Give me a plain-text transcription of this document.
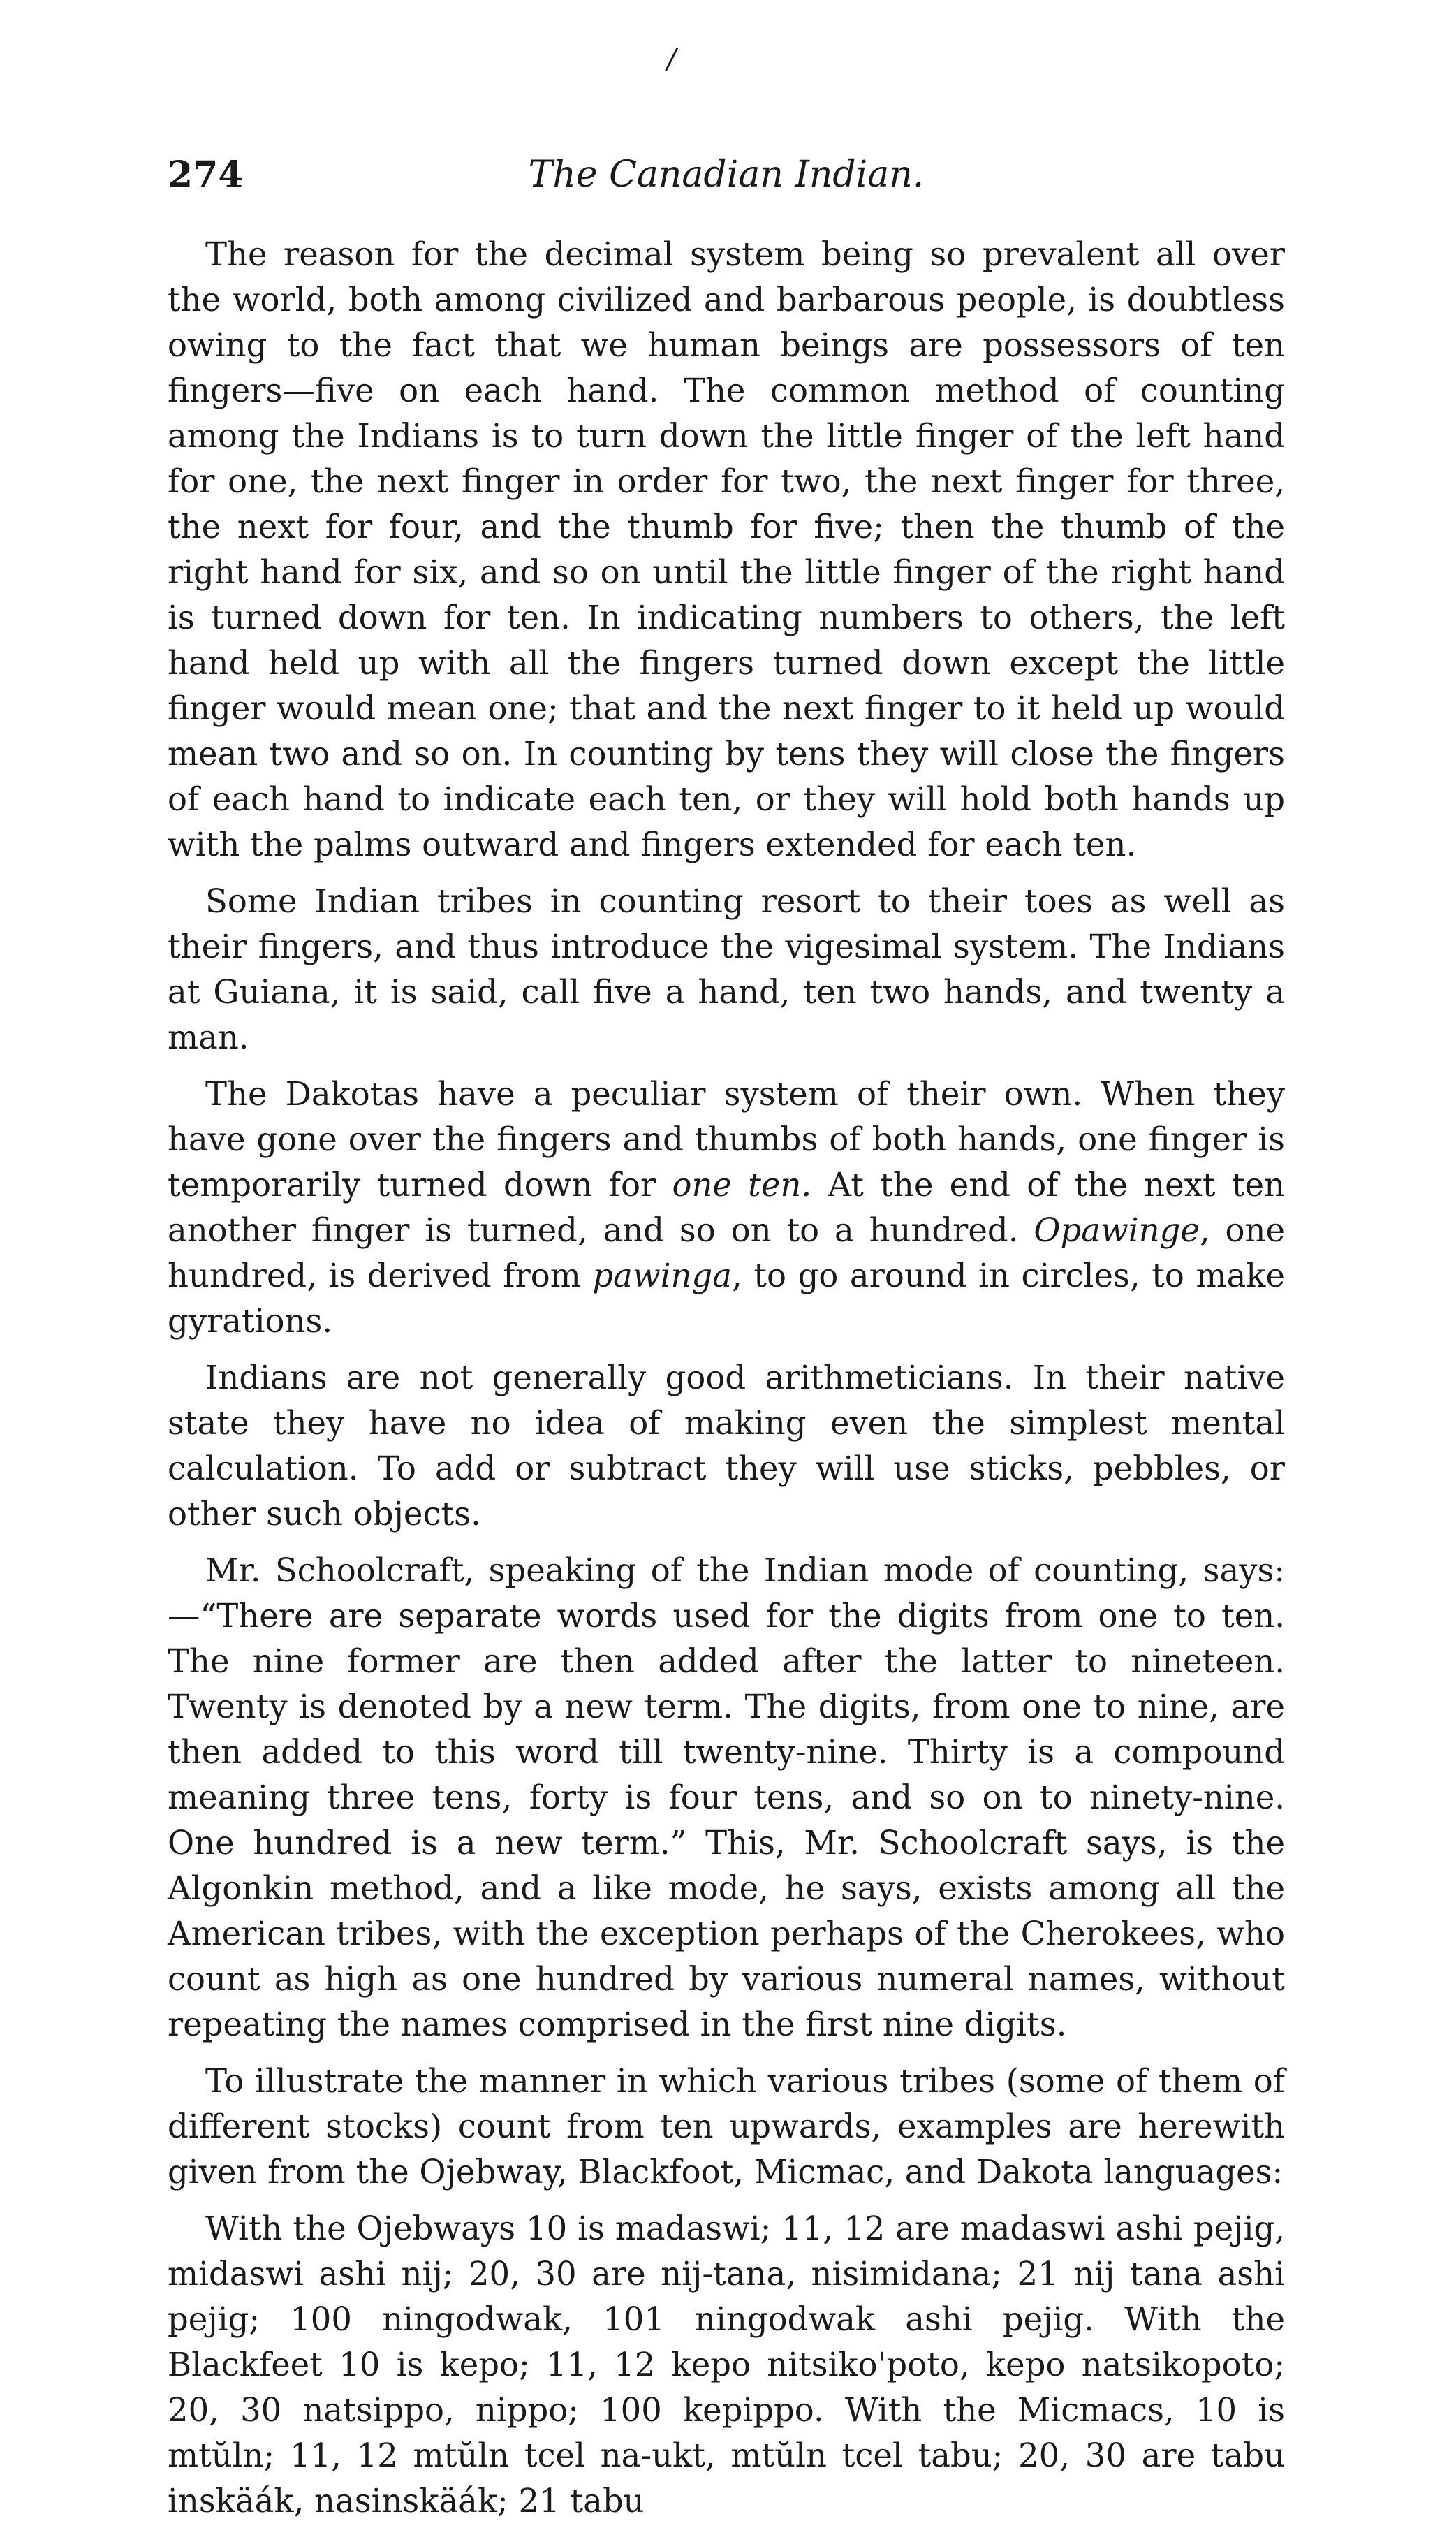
/
274	The Canadian Indian.

The reason for the decimal system being so prevalent all over the world, both among civilized and barbarous people, is doubtless owing to the fact that we human beings are possessors of ten fingers—five on each hand. The common method of counting among the Indians is to turn down the little finger of the left hand for one, the next finger in order for two, the next finger for three, the next for four, and the thumb for five; then the thumb of the right hand for six, and so on until the little finger of the right hand is turned down for ten. In indicating numbers to others, the left hand held up with all the fingers turned down except the little finger would mean one; that and the next finger to it held up would mean two and so on. In counting by tens they will close the fingers of each hand to indicate each ten, or they will hold both hands up with the palms outward and fingers extended for each ten.

Some Indian tribes in counting resort to their toes as well as their fingers, and thus introduce the vigesimal system. The Indians at Guiana, it is said, call five a hand, ten two hands, and twenty a man.

The Dakotas have a peculiar system of their own. When they have gone over the fingers and thumbs of both hands, one finger is temporarily turned down for one ten. At the end of the next ten another finger is turned, and so on to a hundred. Opawinge, one hundred, is derived from pawinga, to go around in circles, to make gyrations.

Indians are not generally good arithmeticians. In their native state they have no idea of making even the simplest mental calculation. To add or subtract they will use sticks, pebbles, or other such objects.

Mr. Schoolcraft, speaking of the Indian mode of counting, says:—“There are separate words used for the digits from one to ten. The nine former are then added after the latter to nineteen. Twenty is denoted by a new term. The digits, from one to nine, are then added to this word till twenty-nine. Thirty is a compound meaning three tens, forty is four tens, and so on to ninety-nine. One hundred is a new term.” This, Mr. Schoolcraft says, is the Algonkin method, and a like mode, he says, exists among all the American tribes, with the exception perhaps of the Cherokees, who count as high as one hundred by various numeral names, without repeating the names comprised in the first nine digits.

To illustrate the manner in which various tribes (some of them of different stocks) count from ten upwards, examples are herewith given from the Ojebway, Blackfoot, Micmac, and Dakota languages:

With the Ojebways 10 is madaswi; 11, 12 are madaswi ashi pejig, midaswi ashi nij; 20, 30 are nij-tana, nisimidana; 21 nij tana ashi pejig; 100 ningodwak, 101 ningodwak ashi pejig. With the Blackfeet 10 is kepo; 11, 12 kepo nitsiko'poto, kepo natsikopoto; 20, 30 natsippo, nippo; 100 kepippo. With the Micmacs, 10 is mtŭln; 11, 12 mtŭln tcel na-ukt, mtŭln tcel tabu; 20, 30 are tabu inskäák, nasinskäák; 21 tabu
